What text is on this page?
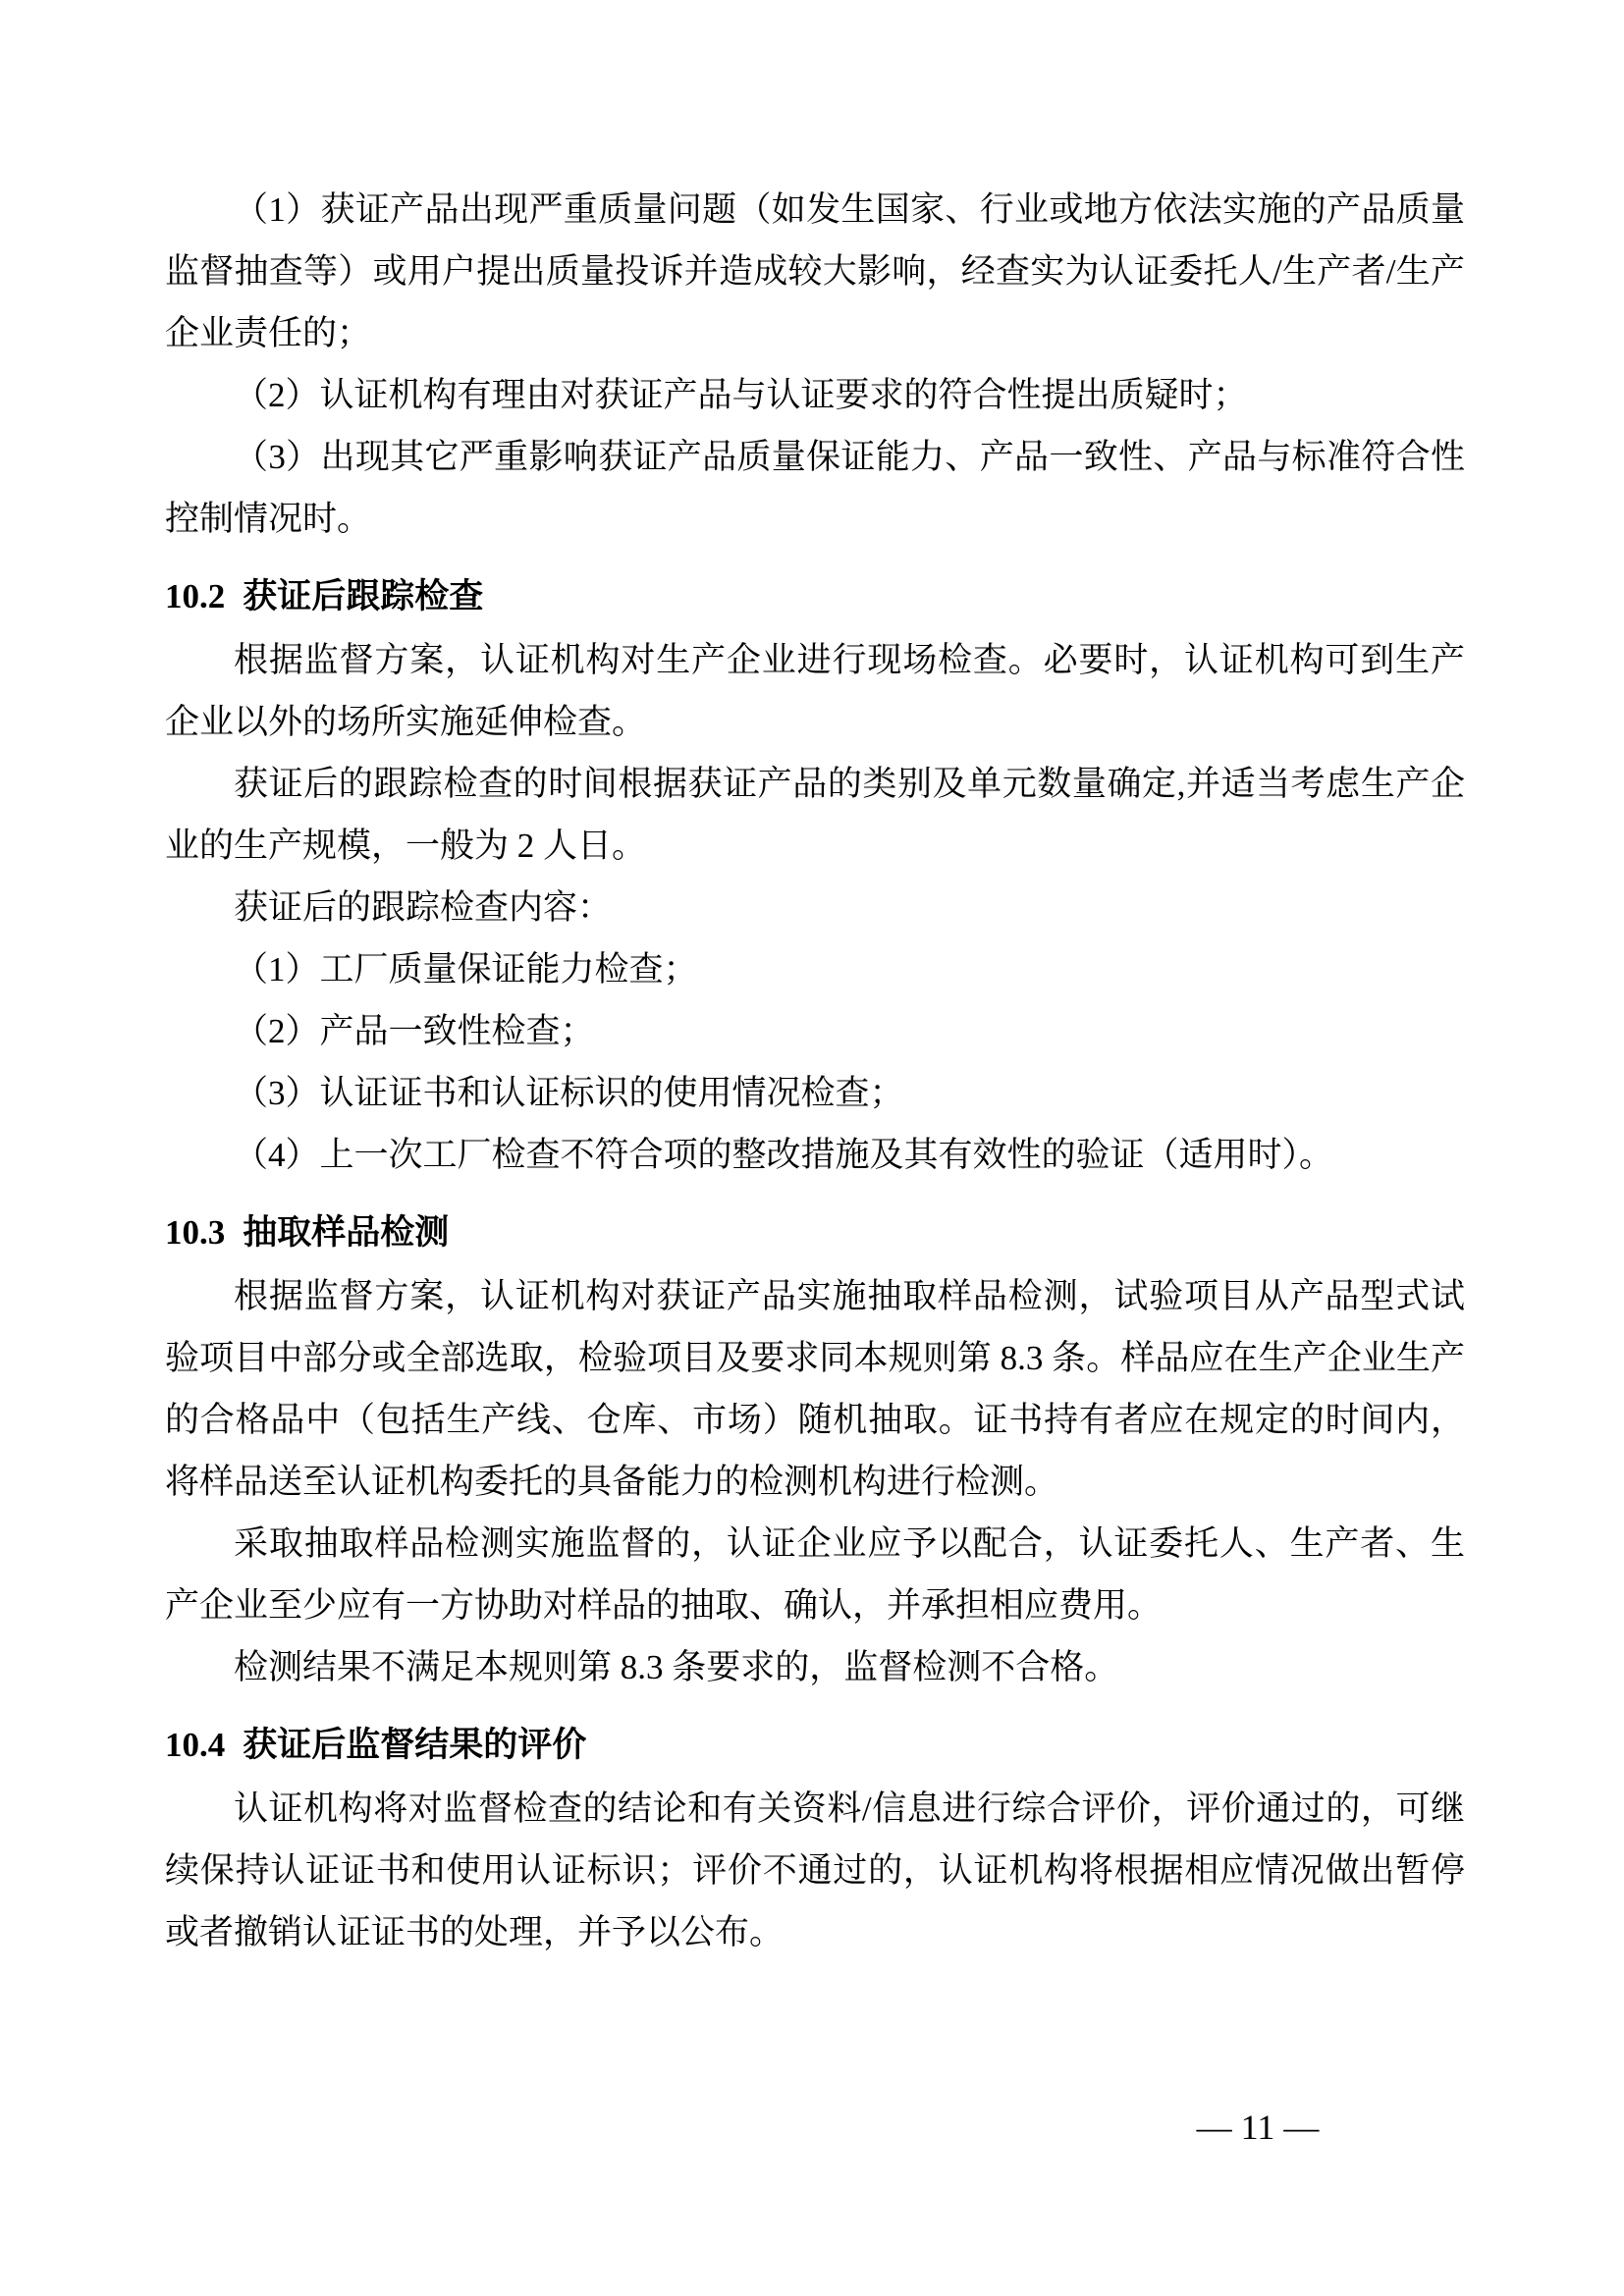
（1）获证产品出现严重质量问题（如发生国家、行业或地方依法实施的产品质量监督抽查等）或用户提出质量投诉并造成较大影响，经查实为认证委托人/生产者/生产企业责任的；

（2）认证机构有理由对获证产品与认证要求的符合性提出质疑时；

（3）出现其它严重影响获证产品质量保证能力、产品一致性、产品与标准符合性控制情况时。

10.2 获证后跟踪检查

根据监督方案，认证机构对生产企业进行现场检查。必要时，认证机构可到生产企业以外的场所实施延伸检查。

获证后的跟踪检查的时间根据获证产品的类别及单元数量确定,并适当考虑生产企业的生产规模，一般为 2 人日。

获证后的跟踪检查内容：

（1）工厂质量保证能力检查；

（2）产品一致性检查；

（3）认证证书和认证标识的使用情况检查；

（4）上一次工厂检查不符合项的整改措施及其有效性的验证（适用时）。

10.3 抽取样品检测

根据监督方案，认证机构对获证产品实施抽取样品检测，试验项目从产品型式试验项目中部分或全部选取，检验项目及要求同本规则第 8.3 条。样品应在生产企业生产的合格品中（包括生产线、仓库、市场）随机抽取。证书持有者应在规定的时间内，将样品送至认证机构委托的具备能力的检测机构进行检测。

采取抽取样品检测实施监督的，认证企业应予以配合，认证委托人、生产者、生产企业至少应有一方协助对样品的抽取、确认，并承担相应费用。

检测结果不满足本规则第 8.3 条要求的，监督检测不合格。

10.4 获证后监督结果的评价

认证机构将对监督检查的结论和有关资料/信息进行综合评价，评价通过的，可继续保持认证证书和使用认证标识；评价不通过的，认证机构将根据相应情况做出暂停或者撤销认证证书的处理，并予以公布。

— 11 —
